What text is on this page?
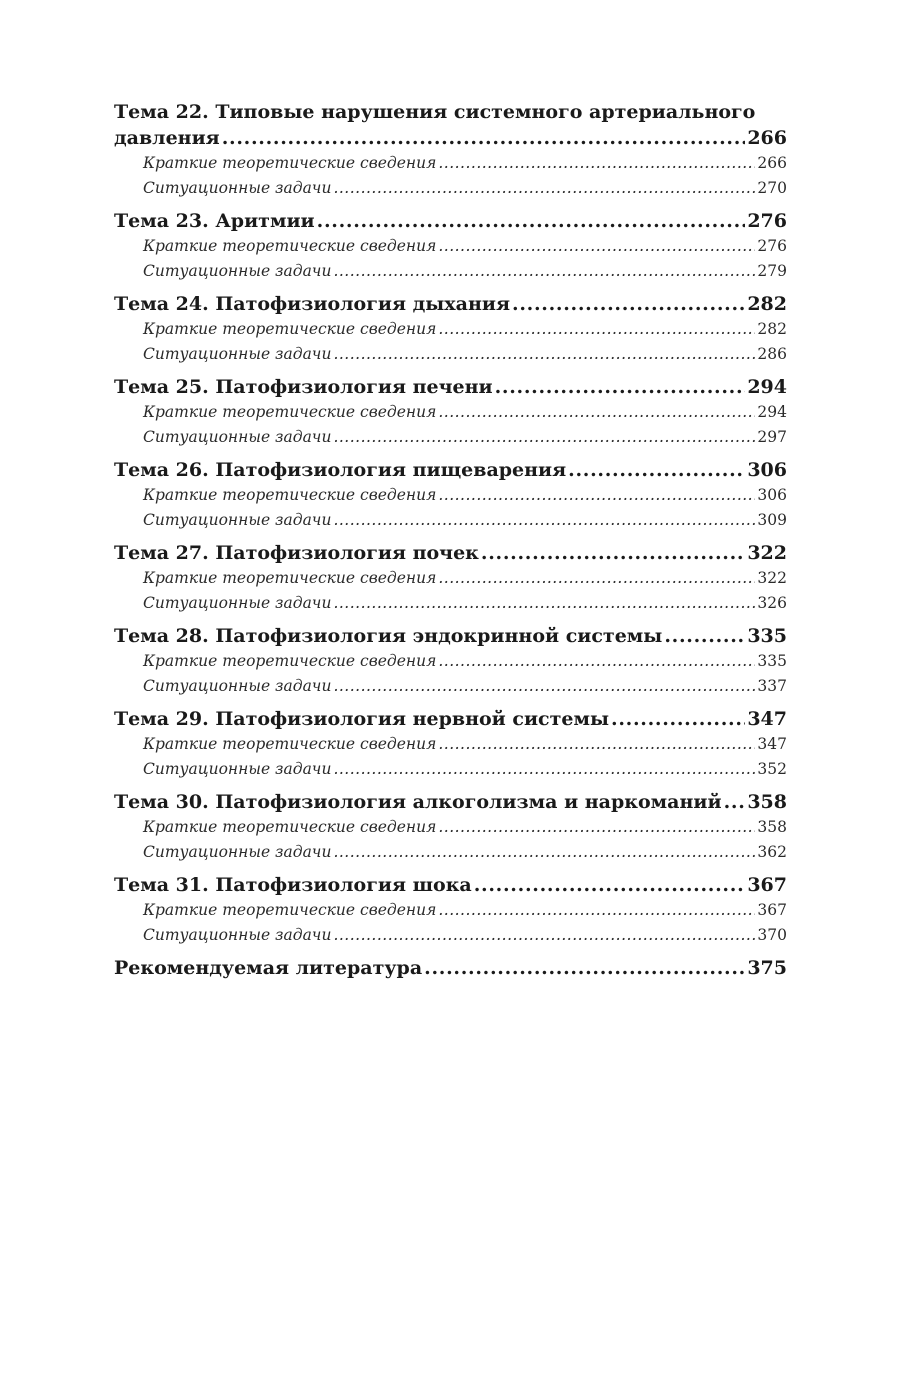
Тема 22. Типовые нарушения системного артериального
давления .....	266
Краткие теоретические сведения .....	266
Ситуационные задачи .....	270
Тема 23. Аритмии .....	276
Краткие теоретические сведения .....	276
Ситуационные задачи .....	279
Тема 24. Патофизиология дыхания .....	282
Краткие теоретические сведения .....	282
Ситуационные задачи .....	286
Тема 25. Патофизиология печени .....	294
Краткие теоретические сведения .....	294
Ситуационные задачи .....	297
Тема 26. Патофизиология пищеварения .....	306
Краткие теоретические сведения .....	306
Ситуационные задачи .....	309
Тема 27. Патофизиология почек .....	322
Краткие теоретические сведения .....	322
Ситуационные задачи .....	326
Тема 28. Патофизиология эндокринной системы .....	335
Краткие теоретические сведения .....	335
Ситуационные задачи .....	337
Тема 29. Патофизиология нервной системы .....	347
Краткие теоретические сведения .....	347
Ситуационные задачи .....	352
Тема 30. Патофизиология алкоголизма и наркоманий ..... 358
Краткие теоретические сведения .....	358
Ситуационные задачи .....	362
Тема 31. Патофизиология шока .....	367
Краткие теоретические сведения .....	367
Ситуационные задачи .....	370
Рекомендуемая литература .....	375
